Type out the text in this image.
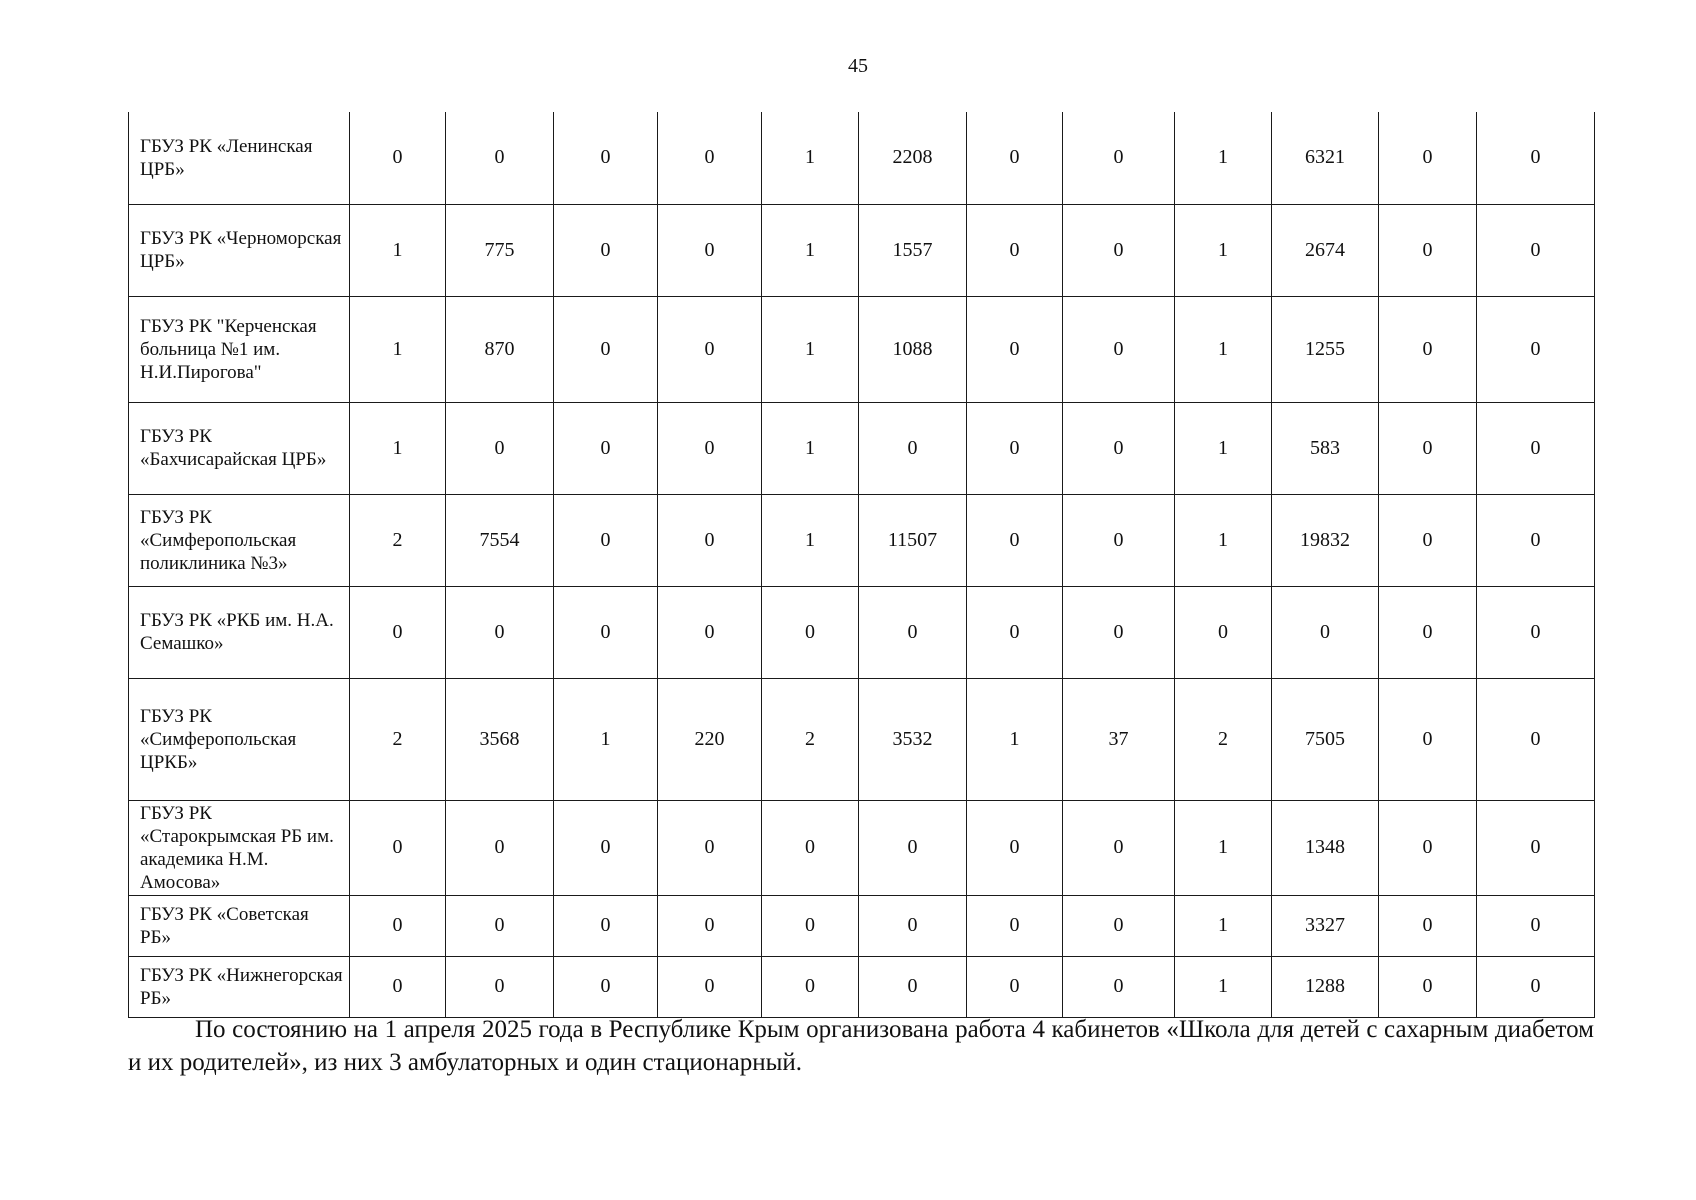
45
ГБУЗ РК «Ленинская ЦРБ»	0	0	0	0	1	2208	0	0	1	6321	0	0
ГБУЗ РК «Черноморская ЦРБ»	1	775	0	0	1	1557	0	0	1	2674	0	0
ГБУЗ РК "Керченская больница №1 им. Н.И.Пирогова"	1	870	0	0	1	1088	0	0	1	1255	0	0
ГБУЗ РК «Бахчисарайская ЦРБ»	1	0	0	0	1	0	0	0	1	583	0	0
ГБУЗ РК «Симферопольская поликлиника №3»	2	7554	0	0	1	11507	0	0	1	19832	0	0
ГБУЗ РК «РКБ им. Н.А. Семашко»	0	0	0	0	0	0	0	0	0	0	0	0
ГБУЗ РК «Симферопольская ЦРКБ»	2	3568	1	220	2	3532	1	37	2	7505	0	0
ГБУЗ РК «Старокрымская РБ им. академика Н.М. Амосова»	0	0	0	0	0	0	0	0	1	1348	0	0
ГБУЗ РК «Советская РБ»	0	0	0	0	0	0	0	0	1	3327	0	0
ГБУЗ РК «Нижнегорская РБ»	0	0	0	0	0	0	0	0	1	1288	0	0

По состоянию на 1 апреля 2025 года в Республике Крым организована работа 4 кабинетов «Школа для детей с сахарным диабетом и их родителей», из них 3 амбулаторных и один стационарный.
